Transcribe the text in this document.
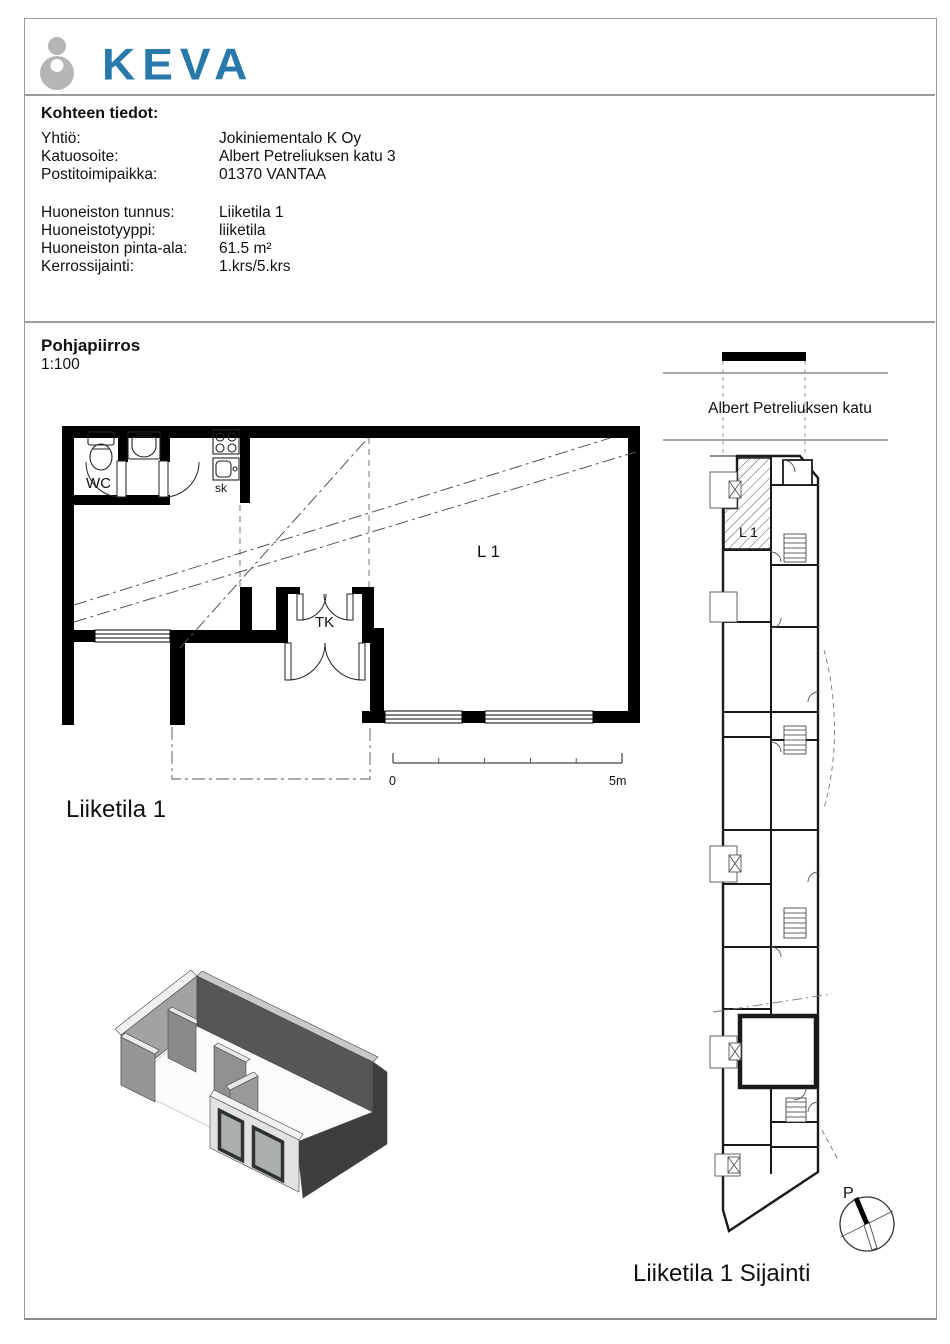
KEVA
Kohteen tiedot:
Yhtiö:	Jokiniementalo K Oy
Katuosoite:	Albert Petreliuksen katu 3
Postitoimipaikka:	01370 VANTAA
Huoneiston tunnus:	Liiketila 1
Huoneistotyyppi:	liiketila
Huoneiston pinta-ala:	61.5 m²
Kerrossijainti:	1.krs/5.krs
Pohjapiirros
1:100
WC	sk
TK
L 1
0	5m
Liiketila 1
Albert Petreliuksen katu
L 1
P
Liiketila 1 Sijainti
